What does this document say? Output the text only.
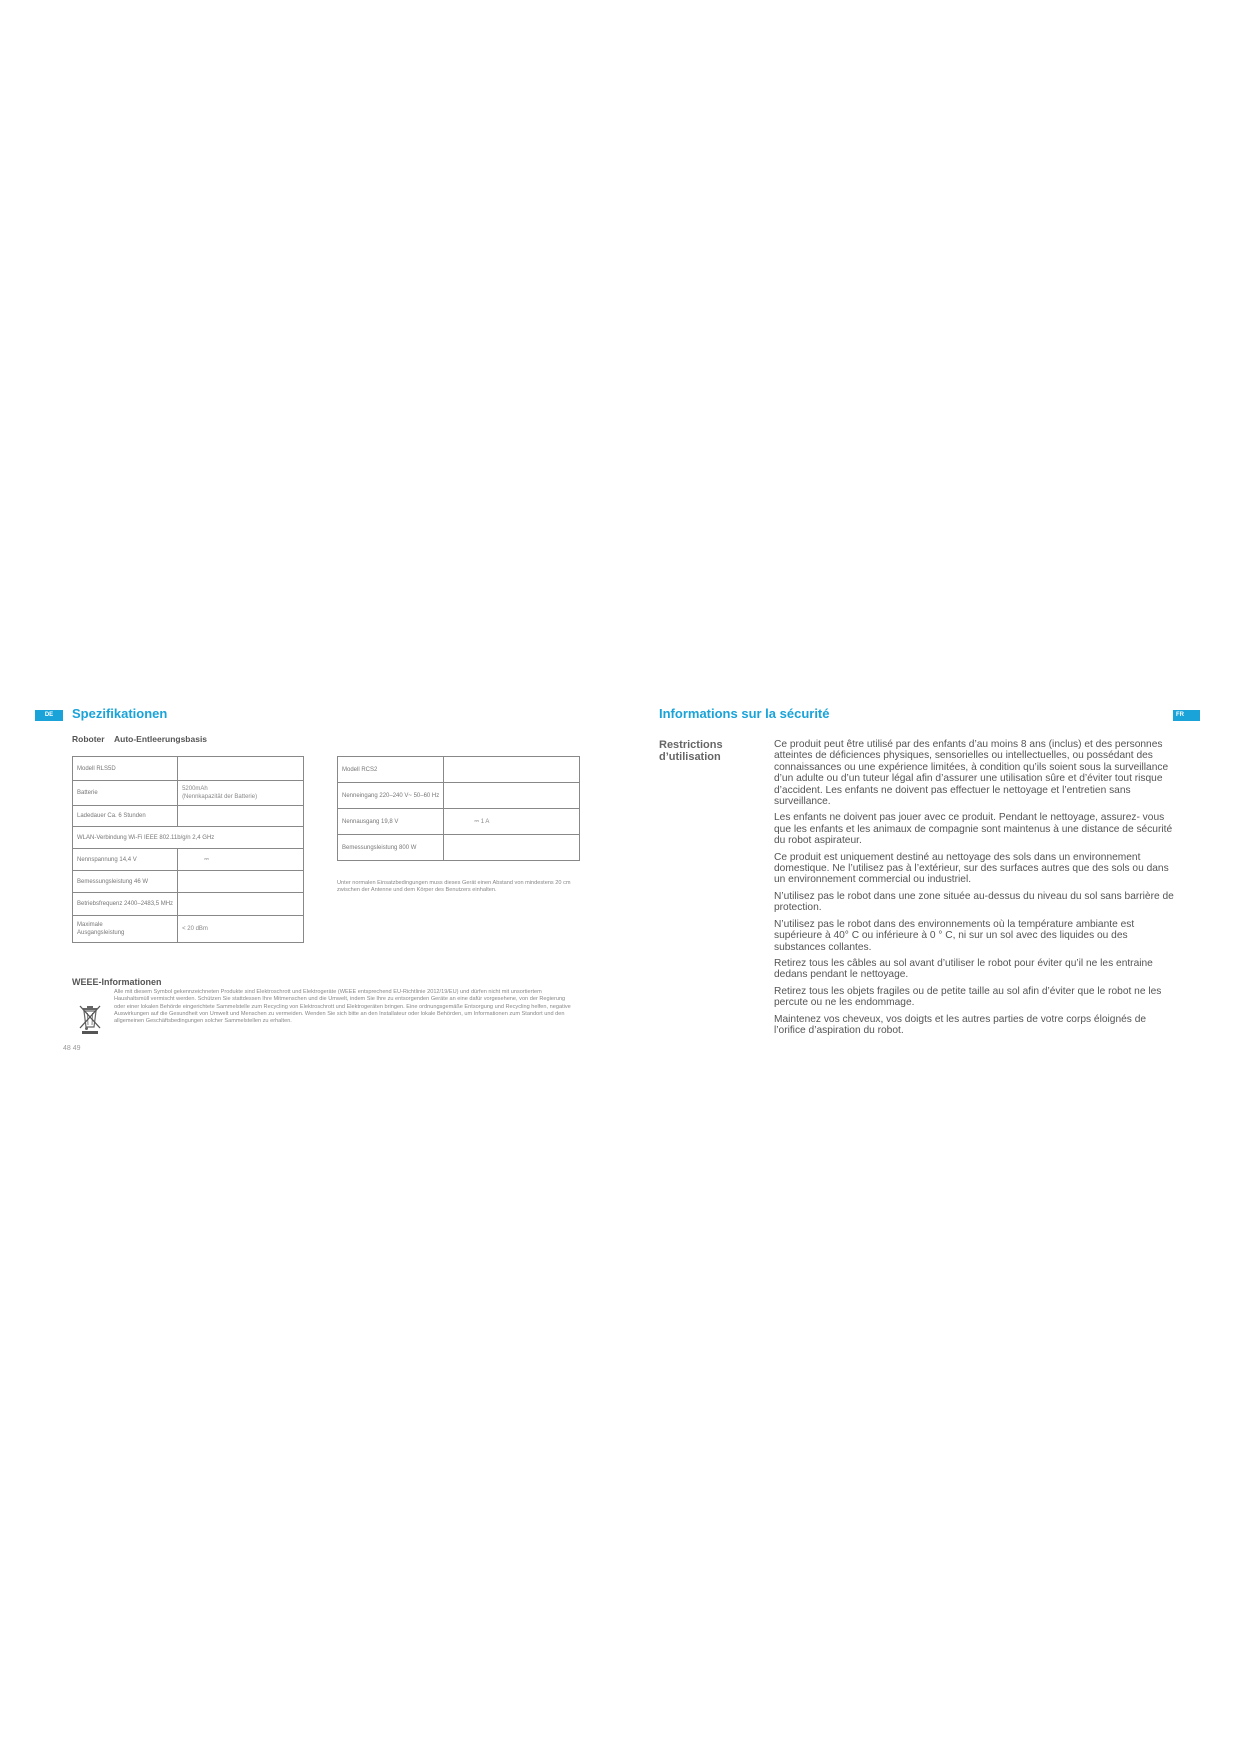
DE	Spezifikationen
Roboter Auto-Entleerungsbasis
Modell RLS5D	
Batterie	5200mAh
(Nennkapazität der Batterie)

Ladedauer Ca. 6 Stunden	
WLAN-Verbindung Wi-Fi IEEE 802.11b/g/n 2,4 GHz	
Nennspannung 14,4 V	⎓
Bemessungsleistung 46 W	
Betriebsfrequenz 2400–2483,5 MHz	

Maximale
Ausgangsleistung	< 20 dBm
Modell RCS2	
Nenneingang 220–240 V~ 50–60 Hz	
Nennausgang 19,8 V	⎓ 1 A
Bemessungsleistung 800 W	
Unter normalen Einsatzbedingungen muss dieses Gerät einen Abstand von mindestens 20 cm zwischen der Antenne und dem Körper des Benutzers einhalten.
WEEE-Informationen
Alle mit diesem Symbol gekennzeichneten Produkte sind Elektroschrott und Elektrogeräte (WEEE entsprechend EU-Richtlinie 2012/19/EU) und dürfen nicht mit unsortiertem Haushaltsmüll vermischt werden. Schützen Sie stattdessen Ihre Mitmenschen und die Umwelt, indem Sie Ihre zu entsorgenden Geräte an eine dafür vorgesehene, von der Regierung oder einer lokalen Behörde eingerichtete Sammelstelle zum Recycling von Elektroschrott und Elektrogeräten bringen. Eine ordnungsgemäße Entsorgung und Recycling helfen, negative Auswirkungen auf die Gesundheit von Umwelt und Menschen zu vermeiden. Wenden Sie sich bitte an den Installateur oder lokale Behörden, um Informationen zum Standort und den allgemeinen Geschäftsbedingungen solcher Sammelstellen zu erhalten.
48 49
Informations sur la sécurité	FR
Restrictions d’utilisation

Ce produit peut être utilisé par des enfants d’au moins 8 ans (inclus) et des personnes atteintes de déficiences physiques, sensorielles ou intellectuelles, ou possédant des connaissances ou une expérience limitées, à condition qu’ils soient sous la surveillance d’un adulte ou d’un tuteur légal afin d’assurer une utilisation sûre et d’éviter tout risque d’accident. Les enfants ne doivent pas effectuer le nettoyage et l’entretien sans surveillance.

Les enfants ne doivent pas jouer avec ce produit. Pendant le nettoyage, assurez- vous que les enfants et les animaux de compagnie sont maintenus à une distance de sécurité du robot aspirateur.

Ce produit est uniquement destiné au nettoyage des sols dans un environnement domestique. Ne l’utilisez pas à l’extérieur, sur des surfaces autres que des sols ou dans un environnement commercial ou industriel.

N’utilisez pas le robot dans une zone située au-dessus du niveau du sol sans barrière de protection.

N’utilisez pas le robot dans des environnements où la température ambiante est supérieure à 40° C ou inférieure à 0 ° C, ni sur un sol avec des liquides ou des substances collantes.

Retirez tous les câbles au sol avant d’utiliser le robot pour éviter qu’il ne les entraine dedans pendant le nettoyage.

Retirez tous les objets fragiles ou de petite taille au sol afin d’éviter que le robot ne les percute ou ne les endommage.

Maintenez vos cheveux, vos doigts et les autres parties de votre corps éloignés de l’orifice d’aspiration du robot.
